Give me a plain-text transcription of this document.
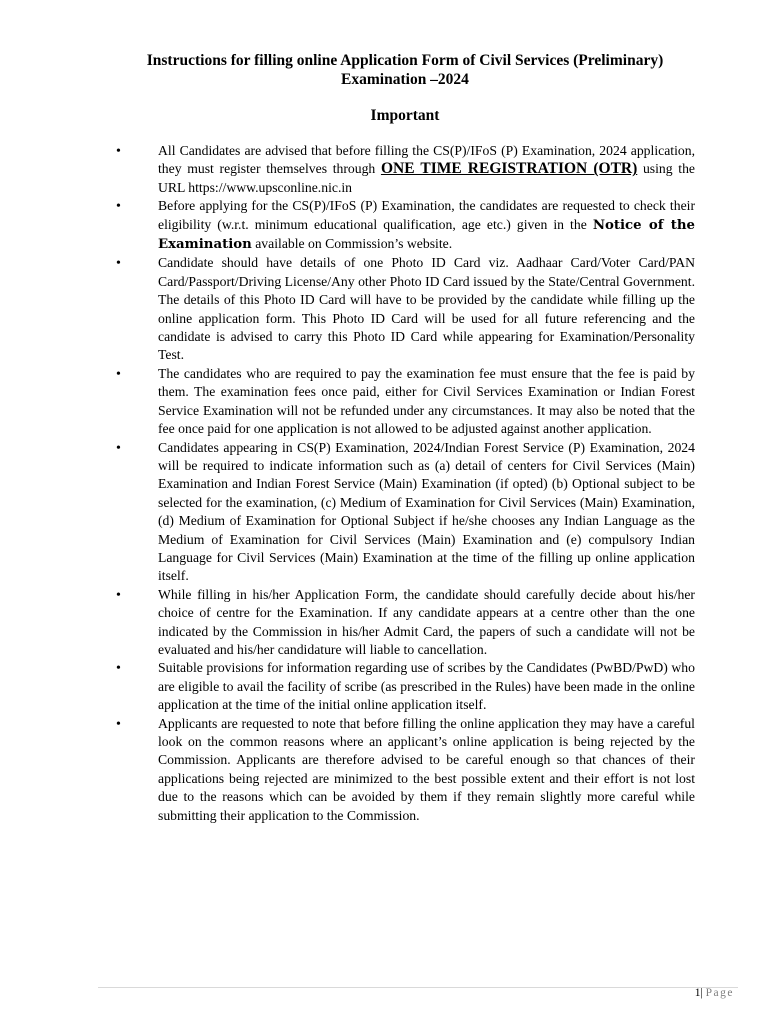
Instructions for filling online Application Form of Civil Services (Preliminary) Examination –2024
Important
•	All Candidates are advised that before filling the CS(P)/IFoS (P) Examination, 2024 application, they must register themselves through ONE TIME REGISTRATION (OTR) using the URL https://www.upsconline.nic.in
•	Before applying for the CS(P)/IFoS (P) Examination, the candidates are requested to check their eligibility (w.r.t. minimum educational qualification, age etc.) given in the Notice of the Examination available on Commission’s website.
•	Candidate should have details of one Photo ID Card viz. Aadhaar Card/Voter Card/PAN Card/Passport/Driving License/Any other Photo ID Card issued by the State/Central Government. The details of this Photo ID Card will have to be provided by the candidate while filling up the online application form. This Photo ID Card will be used for all future referencing and the candidate is advised to carry this Photo ID Card while appearing for Examination/Personality Test.
•	The candidates who are required to pay the examination fee must ensure that the fee is paid by them. The examination fees once paid, either for Civil Services Examination or Indian Forest Service Examination will not be refunded under any circumstances. It may also be noted that the fee once paid for one application is not allowed to be adjusted against another application.
•	Candidates appearing in CS(P) Examination, 2024/Indian Forest Service (P) Examination, 2024 will be required to indicate information such as (a) detail of centers for Civil Services (Main) Examination and Indian Forest Service (Main) Examination (if opted) (b) Optional subject to be selected for the examination, (c) Medium of Examination for Civil Services (Main) Examination, (d) Medium of Examination for Optional Subject if he/she chooses any Indian Language as the Medium of Examination for Civil Services (Main) Examination and (e) compulsory Indian Language for Civil Services (Main) Examination at the time of the filling up online application itself.
•	While filling in his/her Application Form, the candidate should carefully decide about his/her choice of centre for the Examination. If any candidate appears at a centre other than the one indicated by the Commission in his/her Admit Card, the papers of such a candidate will not be evaluated and his/her candidature will liable to cancellation.
•	Suitable provisions for information regarding use of scribes by the Candidates (PwBD/PwD) who are eligible to avail the facility of scribe (as prescribed in the Rules) have been made in the online application at the time of the initial online application itself.
•	Applicants are requested to note that before filling the online application they may have a careful look on the common reasons where an applicant’s online application is being rejected by the Commission. Applicants are therefore advised to be careful enough so that chances of their applications being rejected are minimized to the best possible extent and their effort is not lost due to the reasons which can be avoided by them if they remain slightly more careful while submitting their application to the Commission.
1| Page
